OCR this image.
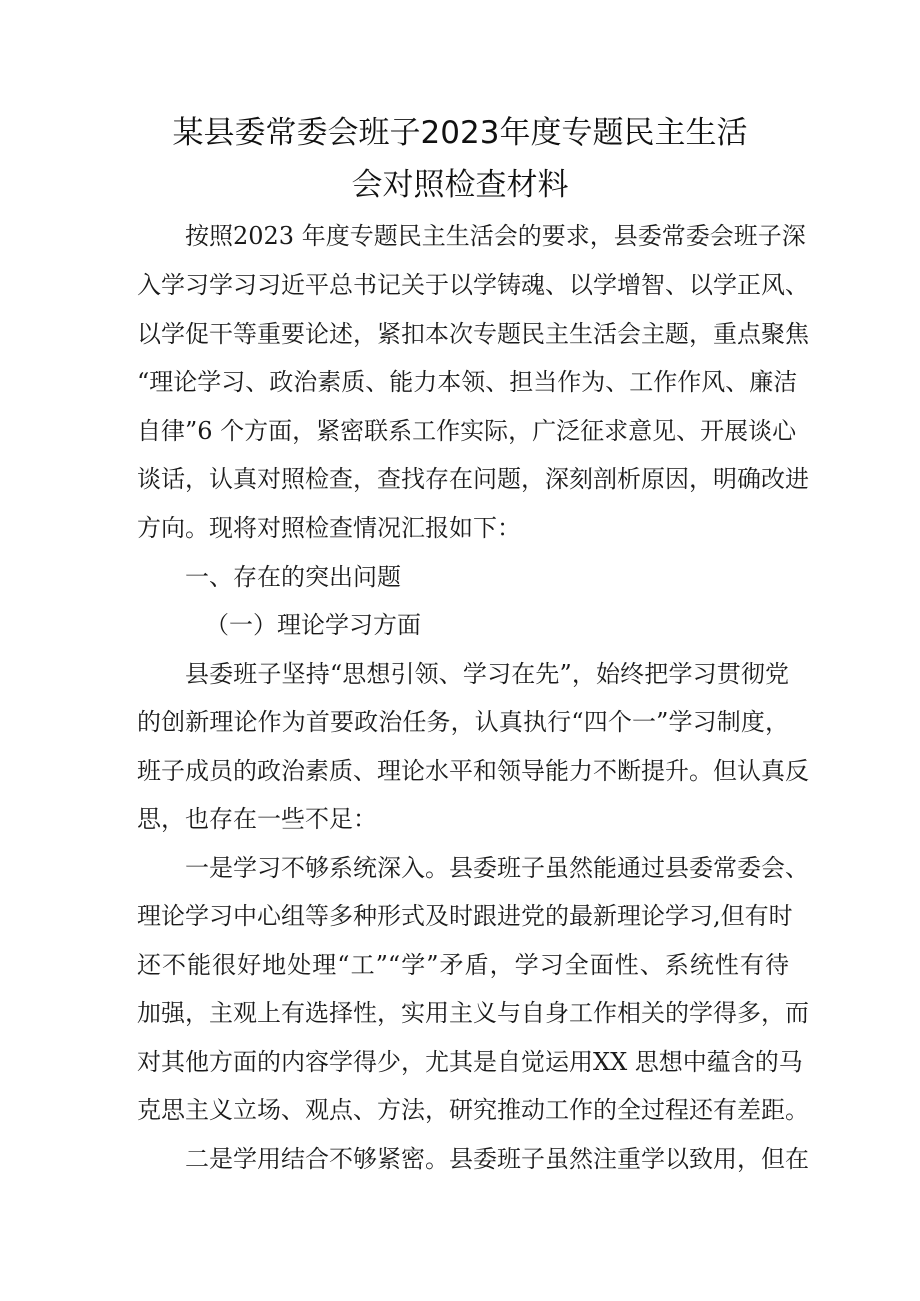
某县委常委会班子2023年度专题民主生活
会对照检查材料
按照2023 年度专题民主生活会的要求，县委常委会班子深
入学习学习习近平总书记关于以学铸魂、以学增智、以学正风、
以学促干等重要论述，紧扣本次专题民主生活会主题，重点聚焦
“理论学习、政治素质、能力本领、担当作为、工作作风、廉洁
自律”6 个方面，紧密联系工作实际，广泛征求意见、开展谈心
谈话，认真对照检查，查找存在问题，深刻剖析原因，明确改进
方向。现将对照检查情况汇报如下：
一、存在的突出问题
（一）理论学习方面
县委班子坚持“思想引领、学习在先”，始终把学习贯彻党
的创新理论作为首要政治任务，认真执行“四个一”学习制度，
班子成员的政治素质、理论水平和领导能力不断提升。但认真反
思，也存在一些不足：
一是学习不够系统深入。县委班子虽然能通过县委常委会、
理论学习中心组等多种形式及时跟进党的最新理论学习,但有时
还不能很好地处理“工”“学”矛盾，学习全面性、系统性有待
加强，主观上有选择性，实用主义与自身工作相关的学得多，而
对其他方面的内容学得少，尤其是自觉运用XX 思想中蕴含的马
克思主义立场、观点、方法，研究推动工作的全过程还有差距。
二是学用结合不够紧密。县委班子虽然注重学以致用，但在
